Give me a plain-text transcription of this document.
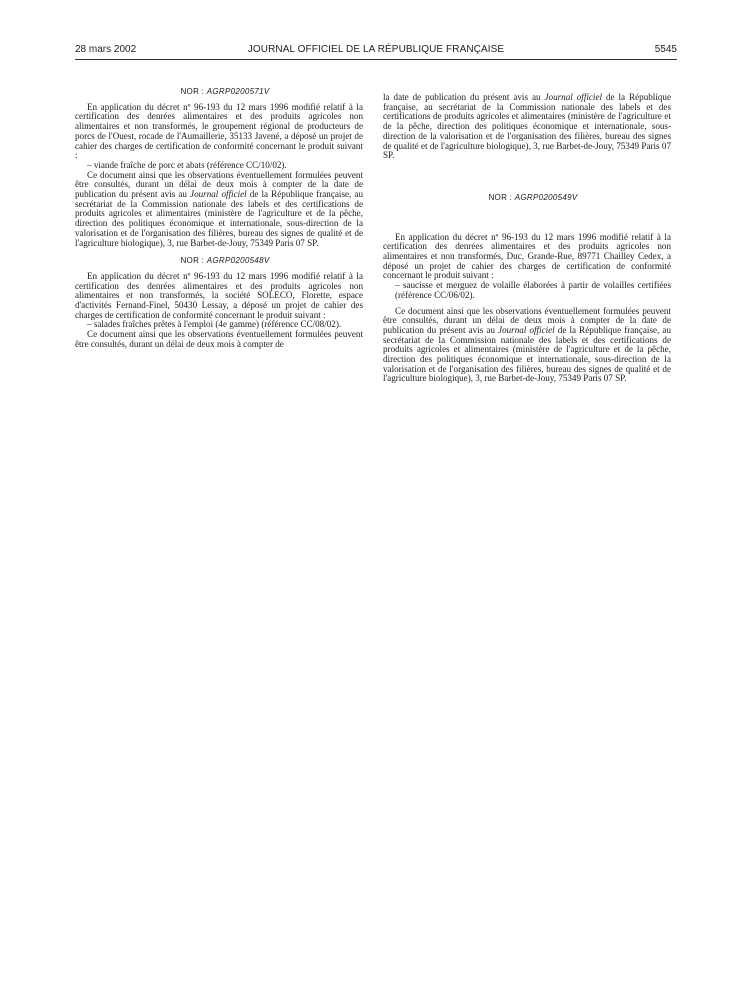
28 mars 2002	JOURNAL OFFICIEL DE LA RÉPUBLIQUE FRANÇAISE	5545

NOR : AGRP0200571V

En application du décret nº 96-193 du 12 mars 1996 modifié relatif à la certification des denrées alimentaires et des produits agricoles non alimentaires et non transformés, le groupement régional de producteurs de porcs de l'Ouest, rocade de l'Aumaillerie, 35133 Javené, a déposé un projet de cahier des charges de certification de conformité concernant le produit suivant :

– viande fraîche de porc et abats (référence CC/10/02).

Ce document ainsi que les observations éventuellement formulées peuvent être consultés, durant un délai de deux mois à compter de la date de publication du présent avis au Journal officiel de la République française, au secrétariat de la Commission nationale des labels et des certifications de produits agricoles et alimentaires (ministère de l'agriculture et de la pêche, direction des politiques économique et internationale, sous-direction de la valorisation et de l'organisation des filières, bureau des signes de qualité et de l'agriculture biologique), 3, rue Barbet-de-Jouy, 75349 Paris 07 SP.

NOR : AGRP0200548V

En application du décret nº 96-193 du 12 mars 1996 modifié relatif à la certification des denrées alimentaires et des produits agricoles non alimentaires et non transformés, la société SOLECO, Florette, espace d'activités Fernand-Finel, 50430 Lessay, a déposé un projet de cahier des charges de certification de conformité concernant le produit suivant :

– salades fraîches prêtes à l'emploi (4e gamme) (référence CC/08/02).

Ce document ainsi que les observations éventuellement formulées peuvent être consultés, durant un délai de deux mois à compter de

la date de publication du présent avis au Journal officiel de la République française, au secrétariat de la Commission nationale des labels et des certifications de produits agricoles et alimentaires (ministère de l'agriculture et de la pêche, direction des politiques économique et internationale, sous-direction de la valorisation et de l'organisation des filières, bureau des signes de qualité et de l'agriculture biologique), 3, rue Barbet-de-Jouy, 75349 Paris 07 SP.

NOR : AGRP0200549V

En application du décret nº 96-193 du 12 mars 1996 modifié relatif à la certification des denrées alimentaires et des produits agricoles non alimentaires et non transformés, Duc, Grande-Rue, 89771 Chailley Cedex, a déposé un projet de cahier des charges de certification de conformité concernant le produit suivant :

– saucisse et merguez de volaille élaborées à partir de volailles certifiées (référence CC/06/02).

Ce document ainsi que les observations éventuellement formulées peuvent être consultés, durant un délai de deux mois à compter de la date de publication du présent avis au Journal officiel de la République française, au secrétariat de la Commission nationale des labels et des certifications de produits agricoles et alimentaires (ministère de l'agriculture et de la pêche, direction des politiques économique et internationale, sous-direction de la valorisation et de l'organisation des filières, bureau des signes de qualité et de l'agriculture biologique), 3, rue Barbet-de-Jouy, 75349 Paris 07 SP.
